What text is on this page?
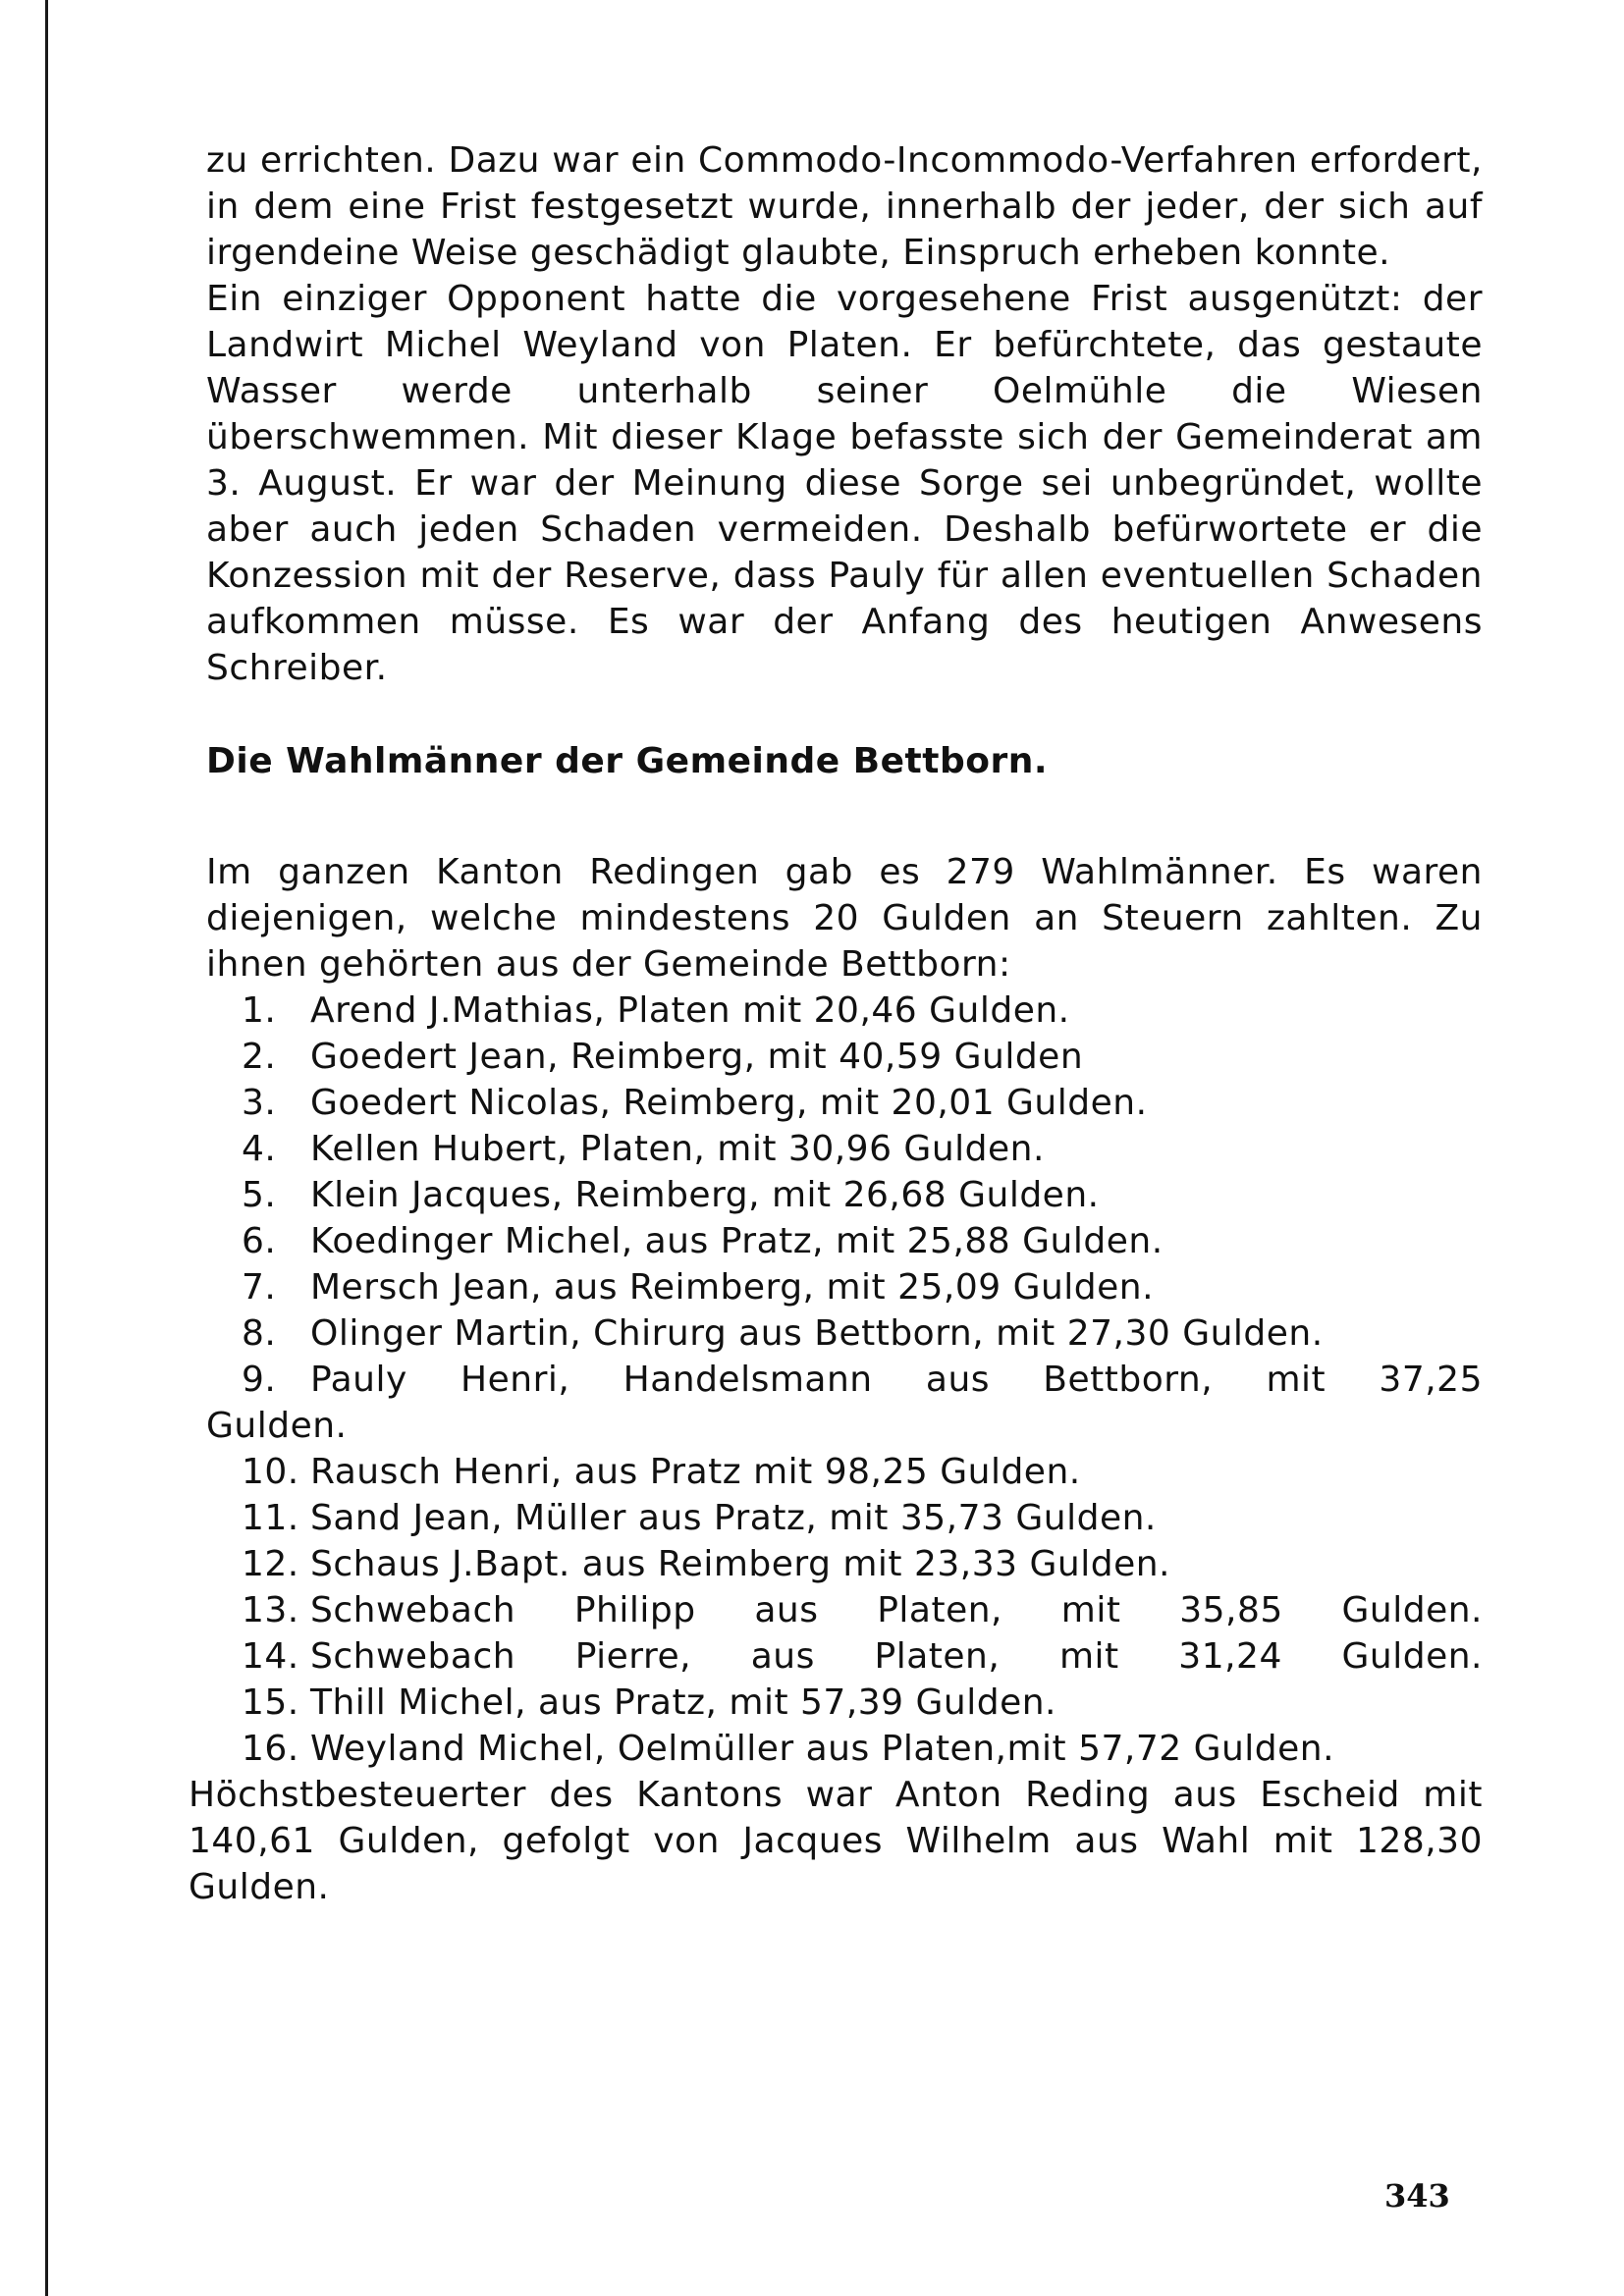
zu errichten. Dazu war ein Commodo-Incommodo-Verfahren erfordert, in dem eine Frist festgesetzt wurde, innerhalb der jeder, der sich auf irgendeine Weise geschädigt glaubte, Einspruch erheben konnte.

Ein einziger Opponent hatte die vorgesehene Frist ausgenützt: der Landwirt Michel Weyland von Platen. Er befürchtete, das gestaute Wasser werde unterhalb seiner Oelmühle die Wiesen überschwemmen. Mit dieser Klage befasste sich der Gemeinderat am 3. August. Er war der Meinung diese Sorge sei unbegründet, wollte aber auch jeden Schaden vermeiden. Deshalb befürwortete er die Konzession mit der Reserve, dass Pauly für allen eventuellen Schaden aufkommen müsse. Es war der Anfang des heutigen Anwesens Schreiber.

Die Wahlmänner der Gemeinde Bettborn.

Im ganzen Kanton Redingen gab es 279 Wahlmänner. Es waren diejenigen, welche mindestens 20 Gulden an Steuern zahlten. Zu ihnen gehörten aus der Gemeinde Bettborn:

1. Arend J.Mathias, Platen mit 20,46 Gulden.
2. Goedert Jean, Reimberg, mit 40,59 Gulden
3. Goedert Nicolas, Reimberg, mit 20,01 Gulden.
4. Kellen Hubert, Platen, mit 30,96 Gulden.
5. Klein Jacques, Reimberg, mit 26,68 Gulden.
6. Koedinger Michel, aus Pratz, mit 25,88 Gulden.
7. Mersch Jean, aus Reimberg, mit 25,09 Gulden.
8. Olinger Martin, Chirurg aus Bettborn, mit 27,30 Gulden.
9. Pauly Henri, Handelsmann aus Bettborn, mit 37,25
Gulden.
10. Rausch Henri, aus Pratz mit 98,25 Gulden.
11. Sand Jean, Müller aus Pratz, mit 35,73 Gulden.
12. Schaus J.Bapt. aus Reimberg mit 23,33 Gulden.
13. Schwebach Philipp aus Platen, mit 35,85 Gulden.
14. Schwebach Pierre, aus Platen, mit 31,24 Gulden.
15. Thill Michel, aus Pratz, mit 57,39 Gulden.
16. Weyland Michel, Oelmüller aus Platen,mit 57,72 Gulden.

Höchstbesteuerter des Kantons war Anton Reding aus Escheid mit 140,61 Gulden, gefolgt von Jacques Wilhelm aus Wahl mit 128,30 Gulden.

343
